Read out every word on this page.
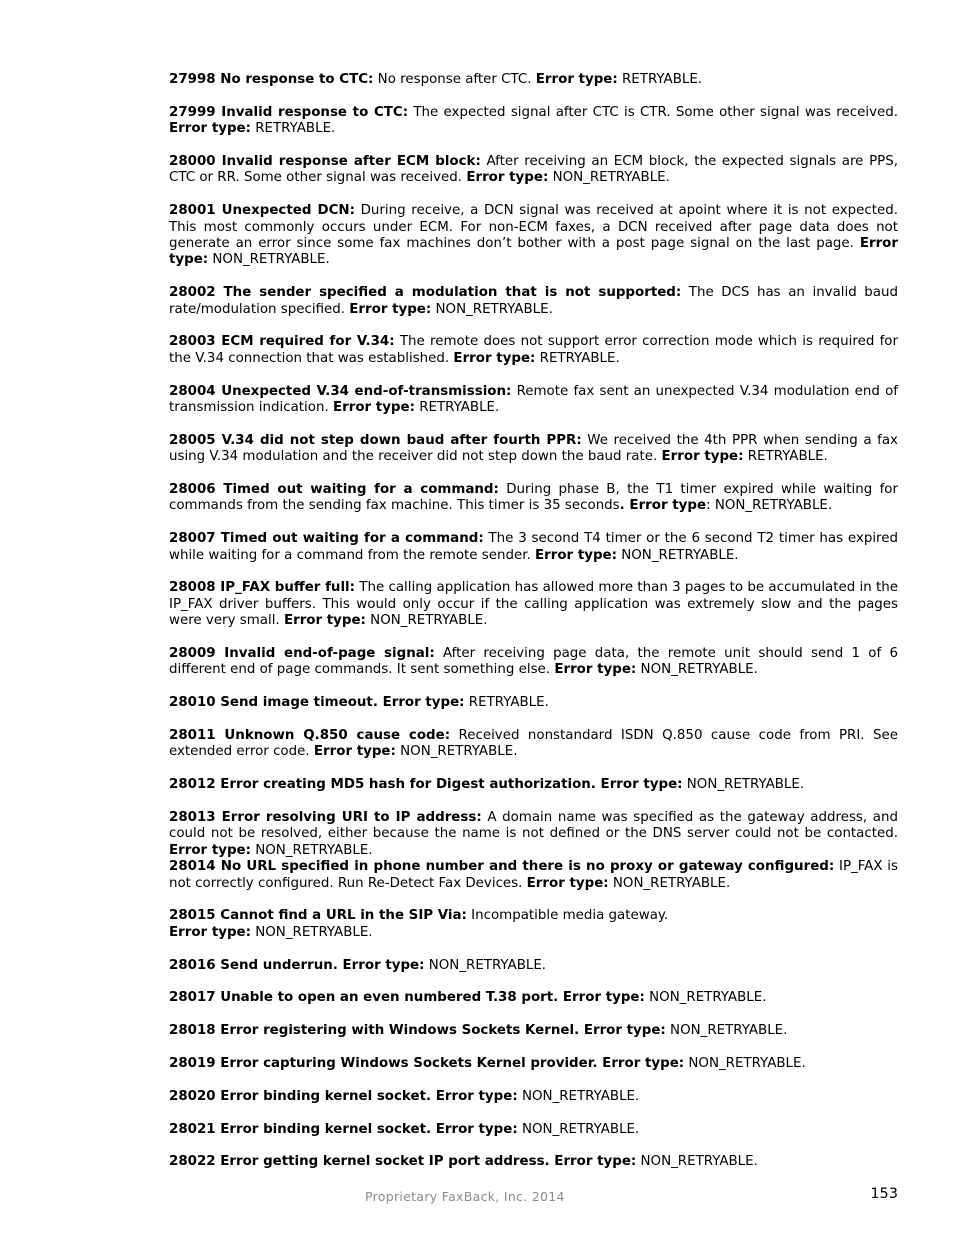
27998 No response to CTC: No response after CTC. Error type: RETRYABLE.

27999 Invalid response to CTC: The expected signal after CTC is CTR. Some other signal was received. Error type: RETRYABLE.

28000 Invalid response after ECM block: After receiving an ECM block, the expected signals are PPS, CTC or RR. Some other signal was received. Error type: NON_RETRYABLE.

28001 Unexpected DCN: During receive, a DCN signal was received at apoint where it is not expected. This most commonly occurs under ECM. For non-ECM faxes, a DCN received after page data does not generate an error since some fax machines don’t bother with a post page signal on the last page. Error type: NON_RETRYABLE.

28002 The sender specified a modulation that is not supported: The DCS has an invalid baud rate/modulation specified. Error type: NON_RETRYABLE.

28003 ECM required for V.34: The remote does not support error correction mode which is required for the V.34 connection that was established. Error type: RETRYABLE.

28004 Unexpected V.34 end-of-transmission: Remote fax sent an unexpected V.34 modulation end of transmission indication. Error type: RETRYABLE.

28005 V.34 did not step down baud after fourth PPR: We received the 4th PPR when sending a fax using V.34 modulation and the receiver did not step down the baud rate. Error type: RETRYABLE.

28006 Timed out waiting for a command: During phase B, the T1 timer expired while waiting for commands from the sending fax machine. This timer is 35 seconds. Error type: NON_RETRYABLE.

28007 Timed out waiting for a command: The 3 second T4 timer or the 6 second T2 timer has expired while waiting for a command from the remote sender. Error type: NON_RETRYABLE.

28008 IP_FAX buffer full: The calling application has allowed more than 3 pages to be accumulated in the IP_FAX driver buffers. This would only occur if the calling application was extremely slow and the pages were very small. Error type: NON_RETRYABLE.

28009 Invalid end-of-page signal: After receiving page data, the remote unit should send 1 of 6 different end of page commands. It sent something else. Error type: NON_RETRYABLE.

28010 Send image timeout. Error type: RETRYABLE.

28011 Unknown Q.850 cause code: Received nonstandard ISDN Q.850 cause code from PRI. See extended error code. Error type: NON_RETRYABLE.

28012 Error creating MD5 hash for Digest authorization. Error type: NON_RETRYABLE.

28013 Error resolving URI to IP address: A domain name was specified as the gateway address, and could not be resolved, either because the name is not defined or the DNS server could not be contacted. Error type: NON_RETRYABLE.

28014 No URL specified in phone number and there is no proxy or gateway configured: IP_FAX is not correctly configured. Run Re-Detect Fax Devices. Error type: NON_RETRYABLE.

28015 Cannot find a URL in the SIP Via: Incompatible media gateway.
Error type: NON_RETRYABLE.

28016 Send underrun. Error type: NON_RETRYABLE.

28017 Unable to open an even numbered T.38 port. Error type: NON_RETRYABLE.

28018 Error registering with Windows Sockets Kernel. Error type: NON_RETRYABLE.

28019 Error capturing Windows Sockets Kernel provider. Error type: NON_RETRYABLE.

28020 Error binding kernel socket. Error type: NON_RETRYABLE.

28021 Error binding kernel socket. Error type: NON_RETRYABLE.

28022 Error getting kernel socket IP port address. Error type: NON_RETRYABLE.

Proprietary FaxBack, Inc. 2014	153
